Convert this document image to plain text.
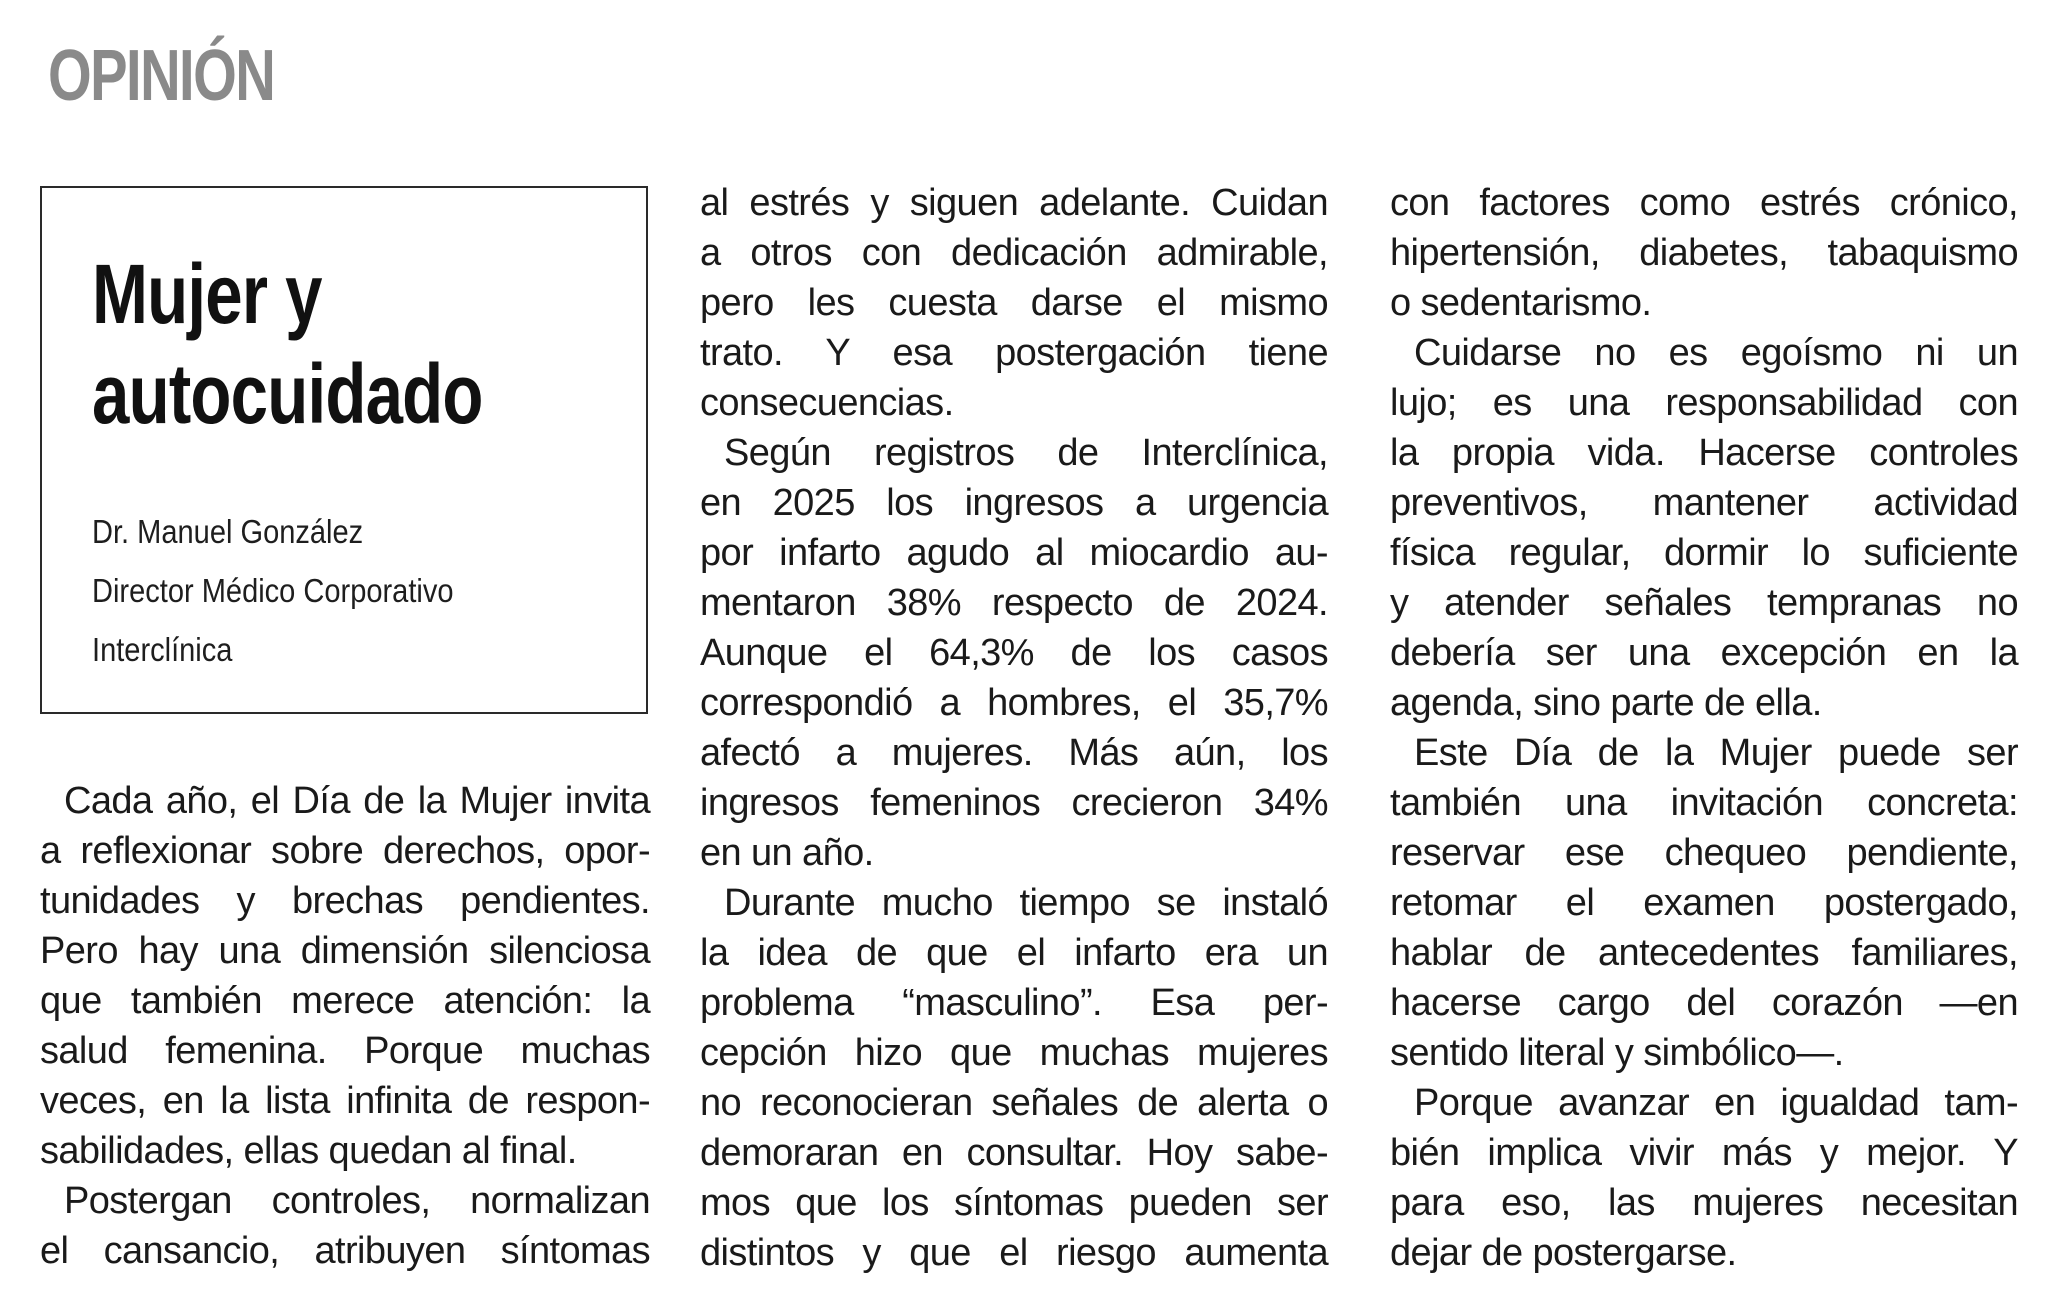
OPINIÓN
Mujer y
autocuidado
Dr. Manuel González
Director Médico Corporativo
Interclínica
Cada año, el Día de la Mujer invita
a reflexionar sobre derechos, opor-
tunidades y brechas pendientes.
Pero hay una dimensión silenciosa
que también merece atención: la
salud femenina. Porque muchas
veces, en la lista infinita de respon-
sabilidades, ellas quedan al final.
Postergan controles, normalizan
el cansancio, atribuyen síntomas
al estrés y siguen adelante. Cuidan
a otros con dedicación admirable,
pero les cuesta darse el mismo
trato. Y esa postergación tiene
consecuencias.
Según registros de Interclínica,
en 2025 los ingresos a urgencia
por infarto agudo al miocardio au-
mentaron 38% respecto de 2024.
Aunque el 64,3% de los casos
correspondió a hombres, el 35,7%
afectó a mujeres. Más aún, los
ingresos femeninos crecieron 34%
en un año.
Durante mucho tiempo se instaló
la idea de que el infarto era un
problema “masculino”. Esa per-
cepción hizo que muchas mujeres
no reconocieran señales de alerta o
demoraran en consultar. Hoy sabe-
mos que los síntomas pueden ser
distintos y que el riesgo aumenta
con factores como estrés crónico,
hipertensión, diabetes, tabaquismo
o sedentarismo.
Cuidarse no es egoísmo ni un
lujo; es una responsabilidad con
la propia vida. Hacerse controles
preventivos, mantener actividad
física regular, dormir lo suficiente
y atender señales tempranas no
debería ser una excepción en la
agenda, sino parte de ella.
Este Día de la Mujer puede ser
también una invitación concreta:
reservar ese chequeo pendiente,
retomar el examen postergado,
hablar de antecedentes familiares,
hacerse cargo del corazón —en
sentido literal y simbólico—.
Porque avanzar en igualdad tam-
bién implica vivir más y mejor. Y
para eso, las mujeres necesitan
dejar de postergarse.
